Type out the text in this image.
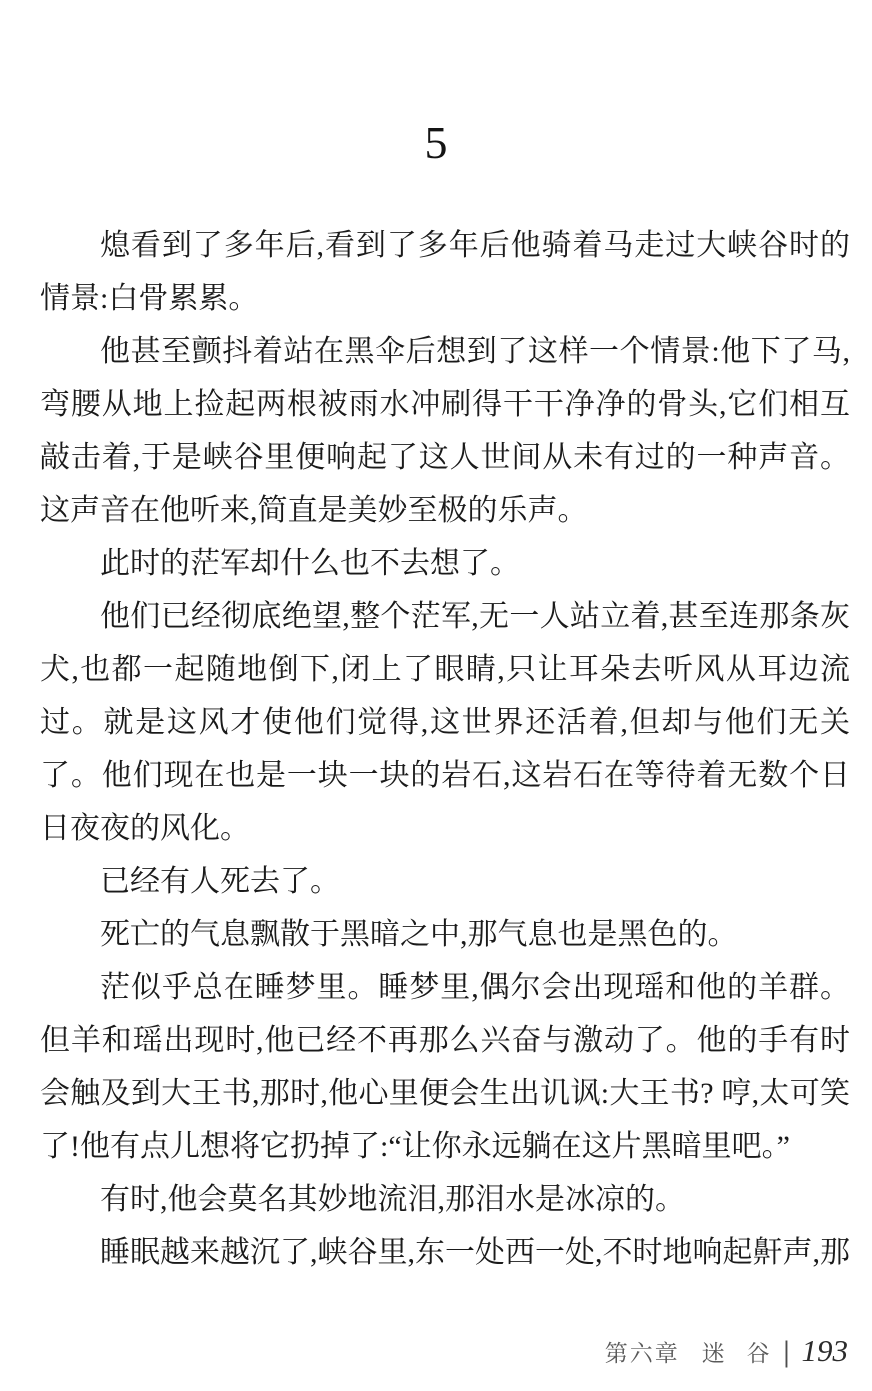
5

熄看到了多年后,看到了多年后他骑着马走过大峡谷时的情景:白骨累累。

他甚至颤抖着站在黑伞后想到了这样一个情景:他下了马,弯腰从地上捡起两根被雨水冲刷得干干净净的骨头,它们相互敲击着,于是峡谷里便响起了这人世间从未有过的一种声音。这声音在他听来,简直是美妙至极的乐声。

此时的茫军却什么也不去想了。

他们已经彻底绝望,整个茫军,无一人站立着,甚至连那条灰犬,也都一起随地倒下,闭上了眼睛,只让耳朵去听风从耳边流过。就是这风才使他们觉得,这世界还活着,但却与他们无关了。他们现在也是一块一块的岩石,这岩石在等待着无数个日日夜夜的风化。

已经有人死去了。

死亡的气息飘散于黑暗之中,那气息也是黑色的。

茫似乎总在睡梦里。睡梦里,偶尔会出现瑶和他的羊群。但羊和瑶出现时,他已经不再那么兴奋与激动了。他的手有时会触及到大王书,那时,他心里便会生出讥讽:大王书? 哼,太可笑了!他有点儿想将它扔掉了:“让你永远躺在这片黑暗里吧。”

有时,他会莫名其妙地流泪,那泪水是冰凉的。

睡眠越来越沉了,峡谷里,东一处西一处,不时地响起鼾声,那

第六章 迷 谷 | 193
